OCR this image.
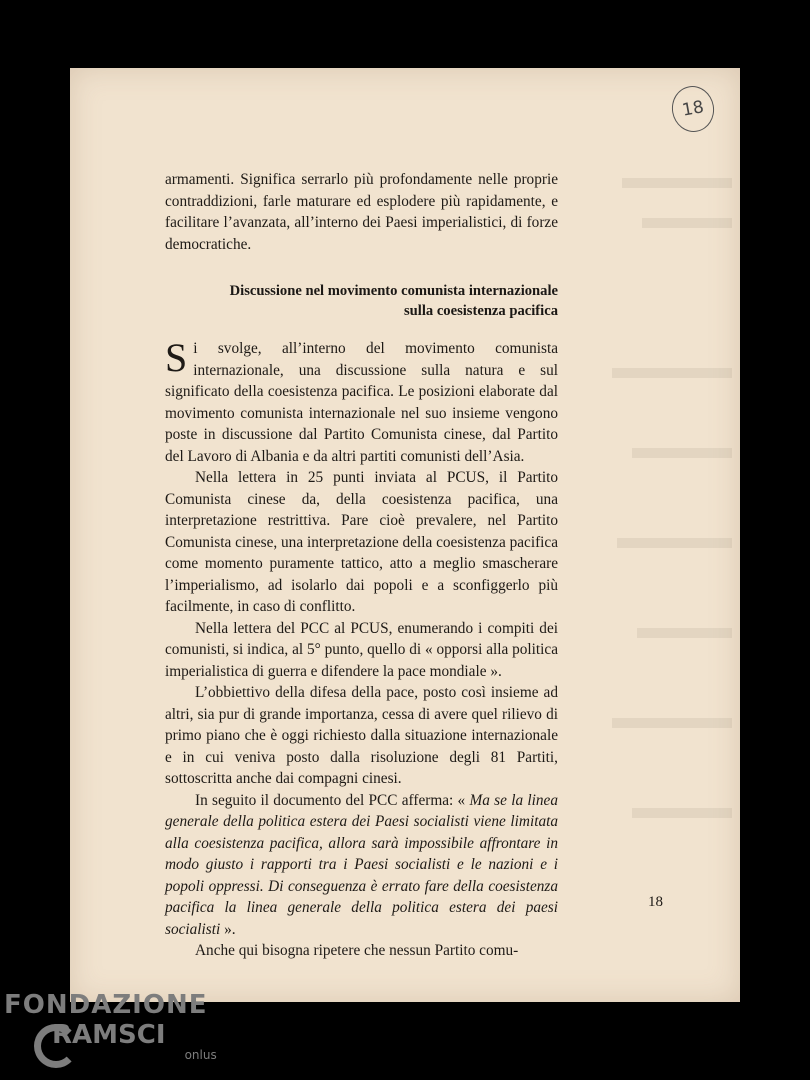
18

armamenti. Significa serrarlo più profondamente nelle proprie contraddizioni, farle maturare ed esplodere più rapidamente, e facilitare l’avanzata, all’interno dei Paesi imperialistici, di forze democratiche.

Discussione nel movimento comunista internazionale
sulla coesistenza pacifica

Si svolge, all’interno del movimento comunista internazionale, una discussione sulla natura e sul significato della coesistenza pacifica. Le posizioni elaborate dal movimento comunista internazionale nel suo insieme vengono poste in discussione dal Partito Comunista cinese, dal Partito del Lavoro di Albania e da altri partiti comunisti dell’Asia.

Nella lettera in 25 punti inviata al PCUS, il Partito Comunista cinese da, della coesistenza pacifica, una interpretazione restrittiva. Pare cioè prevalere, nel Partito Comunista cinese, una interpretazione della coesistenza pacifica come momento puramente tattico, atto a meglio smascherare l’imperialismo, ad isolarlo dai popoli e a sconfiggerlo più facilmente, in caso di conflitto.

Nella lettera del PCC al PCUS, enumerando i compiti dei comunisti, si indica, al 5° punto, quello di « opporsi alla politica imperialistica di guerra e difendere la pace mondiale ».

L’obbiettivo della difesa della pace, posto così insieme ad altri, sia pur di grande importanza, cessa di avere quel rilievo di primo piano che è oggi richiesto dalla situazione internazionale e in cui veniva posto dalla risoluzione degli 81 Partiti, sottoscritta anche dai compagni cinesi.

In seguito il documento del PCC afferma: « Ma se la linea generale della politica estera dei Paesi socialisti viene limitata alla coesistenza pacifica, allora sarà impossibile affrontare in modo giusto i rapporti tra i Paesi socialisti e le nazioni e i popoli oppressi. Di conseguenza è errato fare della coesistenza pacifica la linea generale della politica estera dei paesi socialisti ».

Anche qui bisogna ripetere che nessun Partito comu-

18
FONDAZIONE
RAMSCI $_{onlus}$
